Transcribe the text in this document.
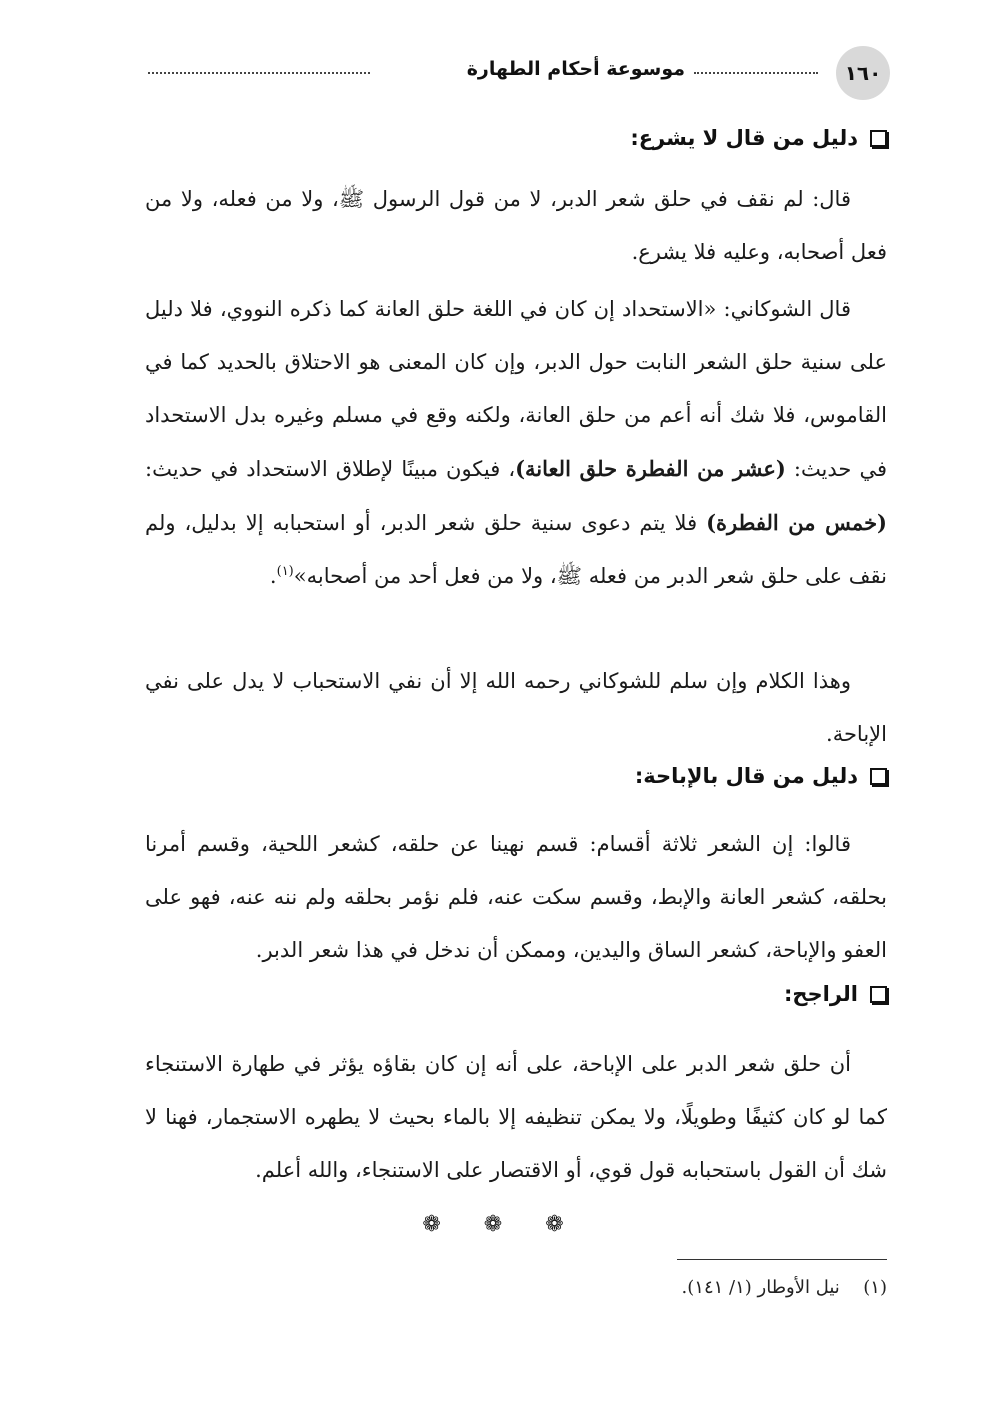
١٦٠
موسوعة أحكام الطهارة
دليل من قال لا يشرع:

قال: لم نقف في حلق شعر الدبر، لا من قول الرسول ﷺ، ولا من فعله، ولا من فعل أصحابه، وعليه فلا يشرع.

قال الشوكاني: «الاستحداد إن كان في اللغة حلق العانة كما ذكره النووي، فلا دليل على سنية حلق الشعر النابت حول الدبر، وإن كان المعنى هو الاحتلاق بالحديد كما في القاموس، فلا شك أنه أعم من حلق العانة، ولكنه وقع في مسلم وغيره بدل الاستحداد في حديث: (عشر من الفطرة حلق العانة)، فيكون مبينًا لإطلاق الاستحداد في حديث: (خمس من الفطرة) فلا يتم دعوى سنية حلق شعر الدبر، أو استحبابه إلا بدليل، ولم نقف على حلق شعر الدبر من فعله ﷺ، ولا من فعل أحد من أصحابه»$^{(١)}$.

وهذا الكلام وإن سلم للشوكاني رحمه الله إلا أن نفي الاستحباب لا يدل على نفي الإباحة.

دليل من قال بالإباحة:

قالوا: إن الشعر ثلاثة أقسام: قسم نهينا عن حلقه، كشعر اللحية، وقسم أمرنا بحلقه، كشعر العانة والإبط، وقسم سكت عنه، فلم نؤمر بحلقه ولم ننه عنه، فهو على العفو والإباحة، كشعر الساق واليدين، وممكن أن ندخل في هذا شعر الدبر.

الراجح:

أن حلق شعر الدبر على الإباحة، على أنه إن كان بقاؤه يؤثر في طهارة الاستنجاء كما لو كان كثيفًا وطويلًا، ولا يمكن تنظيفه إلا بالماء بحيث لا يطهره الاستجمار، فهنا لا شك أن القول باستحبابه قول قوي، أو الاقتصار على الاستنجاء، والله أعلم.

❁ ❁ ❁
(١)  نيل الأوطار (١/ ١٤١).
